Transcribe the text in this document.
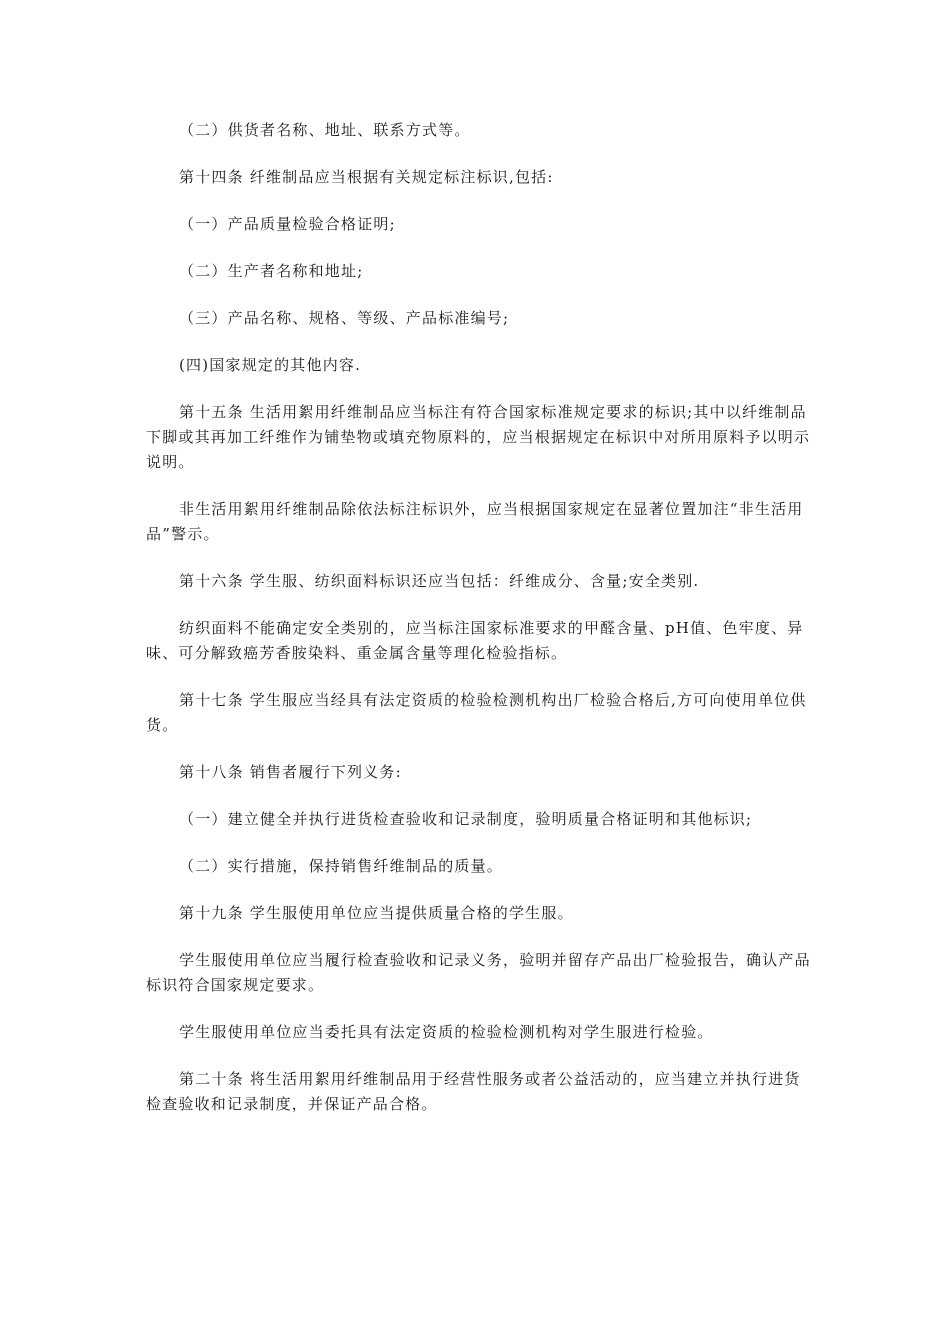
（二）供货者名称、地址、联系方式等。

第十四条 纤维制品应当根据有关规定标注标识,包括:

（一）产品质量检验合格证明;

（二）生产者名称和地址;

（三）产品名称、规格、等级、产品标准编号;

(四)国家规定的其他内容.

第十五条 生活用絮用纤维制品应当标注有符合国家标准规定要求的标识;其中以纤维制品下脚或其再加工纤维作为铺垫物或填充物原料的，应当根据规定在标识中对所用原料予以明示说明。

非生活用絮用纤维制品除依法标注标识外，应当根据国家规定在显著位置加注“非生活用品”警示。

第十六条 学生服、纺织面料标识还应当包括：纤维成分、含量;安全类别.

纺织面料不能确定安全类别的，应当标注国家标准要求的甲醛含量、pH值、色牢度、异味、可分解致癌芳香胺染料、重金属含量等理化检验指标。

第十七条 学生服应当经具有法定资质的检验检测机构出厂检验合格后,方可向使用单位供货。

第十八条 销售者履行下列义务:

（一）建立健全并执行进货检查验收和记录制度，验明质量合格证明和其他标识;

（二）实行措施，保持销售纤维制品的质量。

第十九条 学生服使用单位应当提供质量合格的学生服。

学生服使用单位应当履行检查验收和记录义务，验明并留存产品出厂检验报告，确认产品标识符合国家规定要求。

学生服使用单位应当委托具有法定资质的检验检测机构对学生服进行检验。

第二十条 将生活用絮用纤维制品用于经营性服务或者公益活动的，应当建立并执行进货检查验收和记录制度，并保证产品合格。
